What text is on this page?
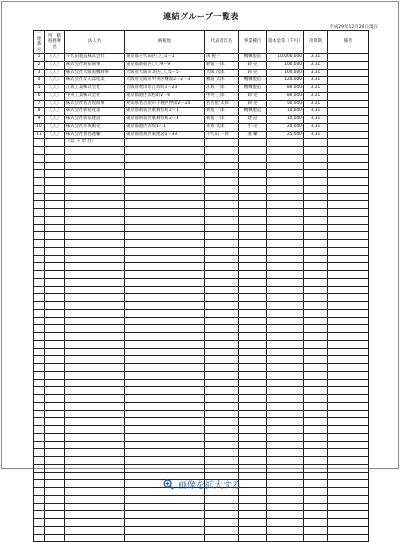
連結グループ一覧表
平成29年12月26日現在
一連番号	所　轄税務署名	法人名	納税地	代表者氏名	事業種目	資本金等（千円）	決算期	備考
1	〇〇	千代田製造株式会社	東京都千代田区〇〇1－1	国 税一	機械製造	10,000,000	3.31	
2	〇〇	株式会社新宿商事	東京都新宿区〇〇9－9	新宿 一郎	卸 売	100,000	3.31	
3	〇〇	株式会社大阪電機商事	大阪府大阪市北区〇〇5－5	大阪 次郎	卸 売	100,000	3.31	
4	〇〇	株式会社なんば産業	大阪府大阪市中央区難波2－2－3	難波 太郎	機械製造	120,000	3.31	
5	〇〇	江坂工業株式会社	大阪府吹田市江坂町1－23	江坂 一郎	機械製造	80,000	3.31	
6	〇〇	中央工業株式会社	東京都港区浜松町2－6	中央 三郎	卸 売	80,000	3.31	
7	〇〇	株式会社名古屋商事	愛知県名古屋市千種区仲田2－14	名古屋 太郎	卸 売	50,000	3.31	
8	〇〇	株式会社新宿産業	東京都新宿区歌舞伎町2－1	新宿 一郎	機械製造	10,000	3.31	
9	〇〇	株式会社新宿建設	東京都新宿区歌舞伎町2－1	新宿 一郎	建 設	10,000	3.31	
10	〇〇	株式会社赤坂販売	東京都港区赤坂1－1	赤坂 太郎	小 売	20,000	3.31	
11	〇〇	株式会社豊島運輸	東京都豊島区東池袋1－33	千代田 一郎	運 輸	25,000	3.31	
		（以 下 余 白）						

画像を拡大する
